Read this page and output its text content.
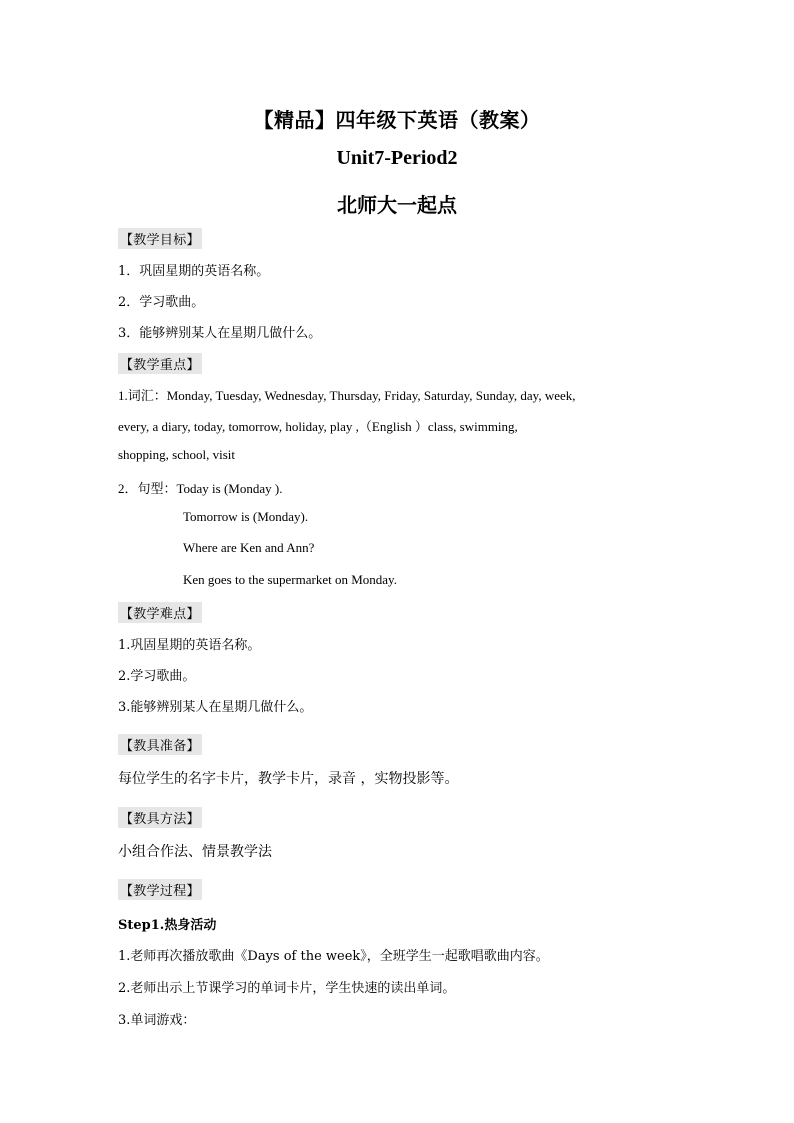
【精品】四年级下英语（教案）
Unit7-Period2
北师大一起点
【教学目标】
1．巩固星期的英语名称。
2．学习歌曲。
3．能够辨别某人在星期几做什么。
【教学重点】
1.词汇：Monday, Tuesday, Wednesday, Thursday, Friday, Saturday, Sunday, day, week,
every, a diary, today, tomorrow, holiday, play ,（English ）class, swimming,
shopping, school, visit
2．句型：Today is (Monday ).
Tomorrow is (Monday).
Where are Ken and Ann?
Ken goes to the supermarket on Monday.
【教学难点】
1.巩固星期的英语名称。
2.学习歌曲。
3.能够辨别某人在星期几做什么。
【教具准备】
每位学生的名字卡片，教学卡片，录音 ，实物投影等。
【教具方法】
小组合作法、情景教学法
【教学过程】
Step1.热身活动
1.老师再次播放歌曲《Days of the week》，全班学生一起歌唱歌曲内容。
2.老师出示上节课学习的单词卡片，学生快速的读出单词。
3.单词游戏：
